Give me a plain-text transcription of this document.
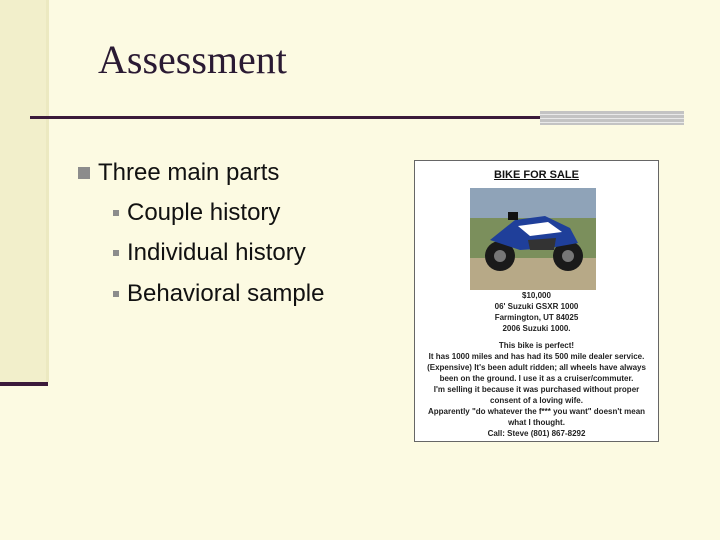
Assessment
Three main parts
Couple history
Individual history
Behavioral sample
BIKE FOR SALE
$10,000
06' Suzuki GSXR 1000
Farmington, UT 84025
2006 Suzuki 1000.
This bike is perfect!
It has 1000 miles and has had its 500 mile dealer service.
(Expensive) It's been adult ridden; all wheels have always
been on the ground. I use it as a cruiser/commuter.
I'm selling it because it was purchased without proper
consent of a loving wife.
Apparently "do whatever the f*** you want" doesn't mean
what I thought.
Call: Steve (801) 867-8292
